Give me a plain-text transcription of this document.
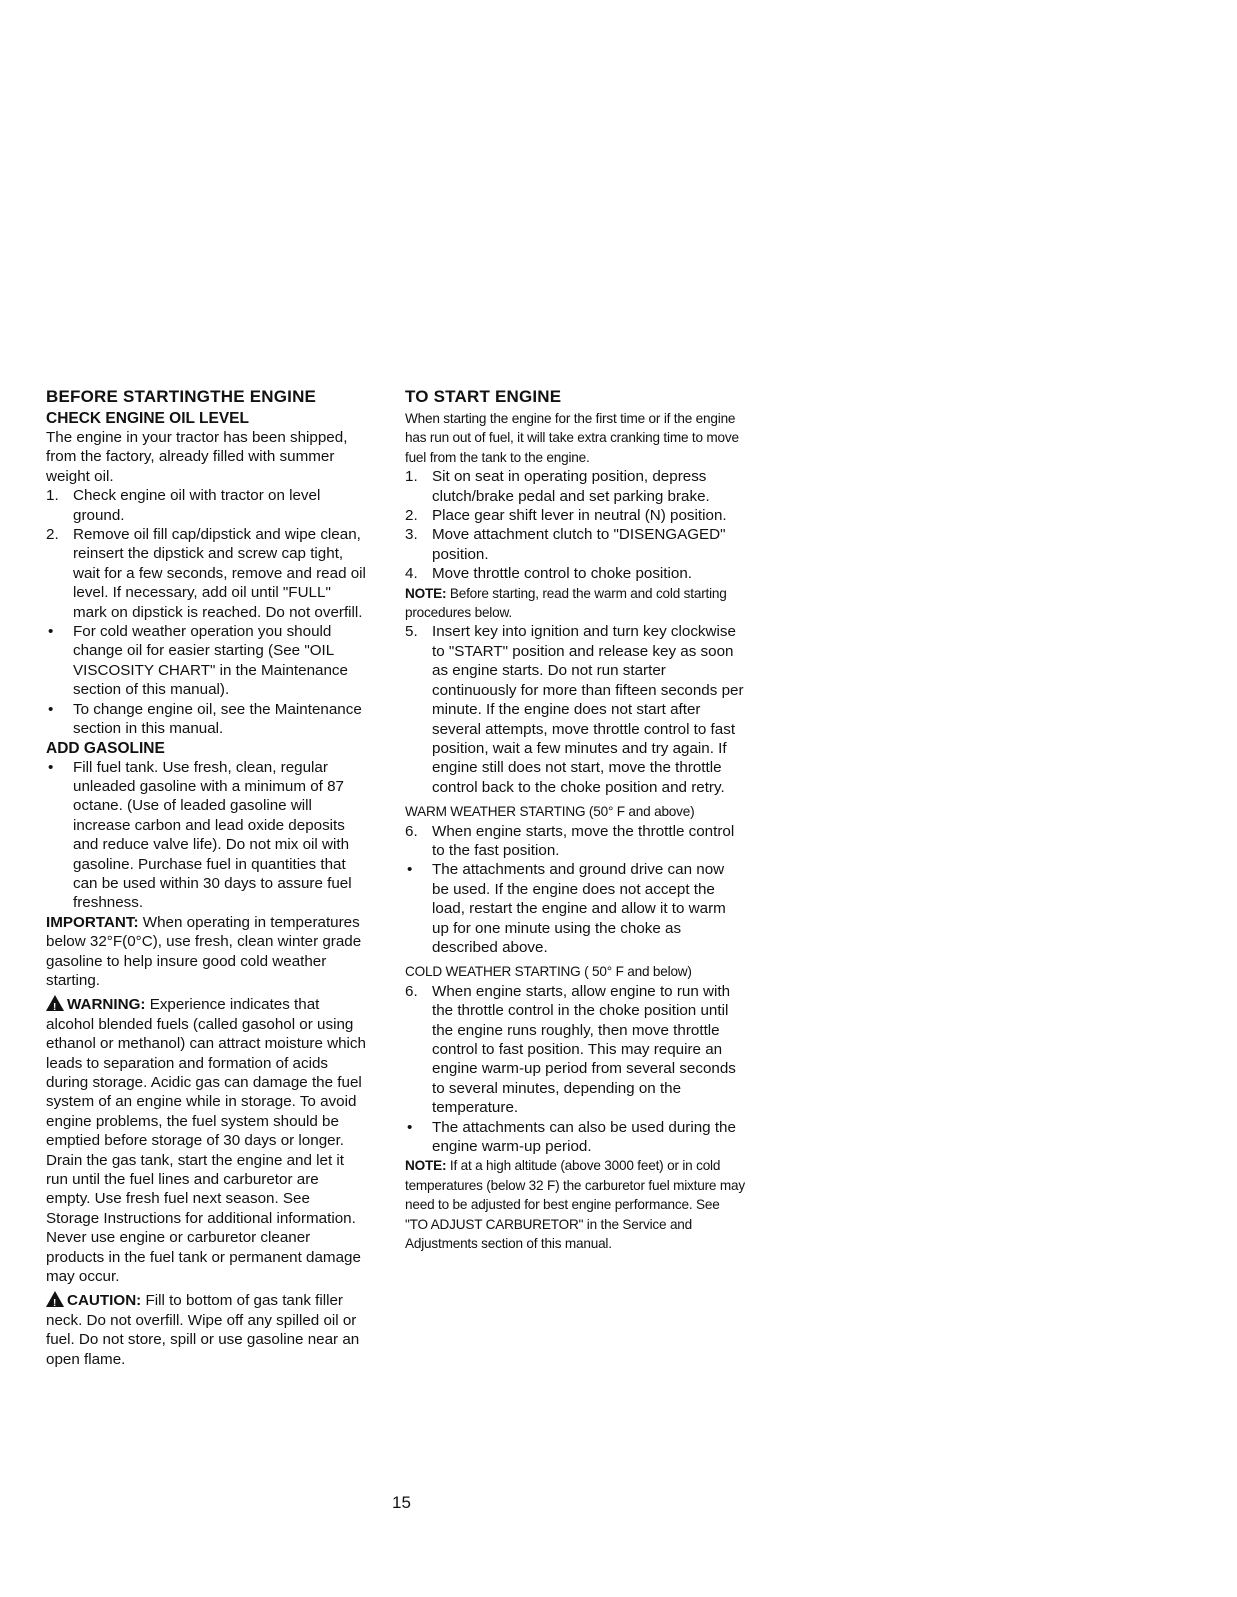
BEFORE STARTINGTHE ENGINE
CHECK ENGINE OIL LEVEL

The engine in your tractor has been shipped, from the factory, already filled with summer weight oil.

1. Check engine oil with tractor on level ground.
2. Remove oil fill cap/dipstick and wipe clean, reinsert the dipstick and screw cap tight, wait for a few seconds, remove and read oil level. If necessary, add oil until "FULL" mark on dipstick is reached. Do not overfill.
• For cold weather operation you should change oil for easier starting (See "OIL VISCOSITY CHART" in the Maintenance section of this manual).
• To change engine oil, see the Maintenance section in this manual.
ADD GASOLINE
• Fill fuel tank. Use fresh, clean, regular unleaded gasoline with a minimum of 87 octane. (Use of leaded gasoline will increase carbon and lead oxide deposits and reduce valve life). Do not mix oil with gasoline. Purchase fuel in quantities that can be used within 30 days to assure fuel freshness.

IMPORTANT: When operating in temperatures below 32°F(0°C), use fresh, clean winter grade gasoline to help insure good cold weather starting.

!WARNING: Experience indicates that alcohol blended fuels (called gasohol or using ethanol or methanol) can attract moisture which leads to separation and formation of acids during storage. Acidic gas can damage the fuel system of an engine while in storage. To avoid engine problems, the fuel system should be emptied before storage of 30 days or longer. Drain the gas tank, start the engine and let it run until the fuel lines and carburetor are empty. Use fresh fuel next season. See Storage Instructions for additional information. Never use engine or carburetor cleaner products in the fuel tank or permanent damage may occur.

!CAUTION: Fill to bottom of gas tank filler neck. Do not overfill. Wipe off any spilled oil or fuel. Do not store, spill or use gasoline near an open flame.

TO START ENGINE

When starting the engine for the first time or if the engine has run out of fuel, it will take extra cranking time to move fuel from the tank to the engine.

1. Sit on seat in operating position, depress clutch/brake pedal and set parking brake.
2. Place gear shift lever in neutral (N) position.
3. Move attachment clutch to "DISENGAGED" position.
4. Move throttle control to choke position.

NOTE: Before starting, read the warm and cold starting procedures below.

5. Insert key into ignition and turn key clockwise to "START" position and release key as soon as engine starts. Do not run starter continuously for more than fifteen seconds per minute. If the engine does not start after several attempts, move throttle control to fast position, wait a few minutes and try again. If engine still does not start, move the throttle control back to the choke position and retry.

WARM WEATHER STARTING (50° F and above)

6. When engine starts, move the throttle control to the fast position.
• The attachments and ground drive can now be used. If the engine does not accept the load, restart the engine and allow it to warm up for one minute using the choke as described above.

COLD WEATHER STARTING ( 50° F and below)

6. When engine starts, allow engine to run with the throttle control in the choke position until the engine runs roughly, then move throttle control to fast position. This may require an engine warm-up period from several seconds to several minutes, depending on the temperature.
• The attachments can also be used during the engine warm-up period.

NOTE: If at a high altitude (above 3000 feet) or in cold temperatures (below 32 F) the carburetor fuel mixture may need to be adjusted for best engine performance. See "TO ADJUST CARBURETOR" in the Service and Adjustments section of this manual.

15
